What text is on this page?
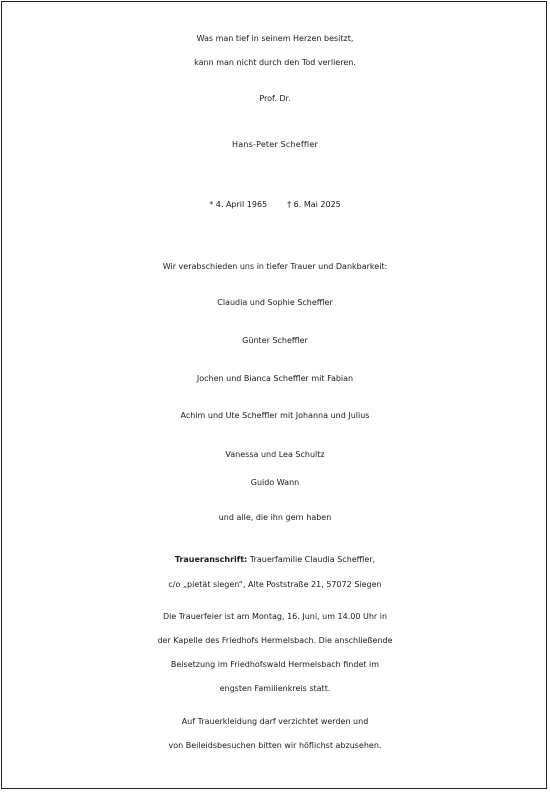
Was man tief in seinem Herzen besitzt,
kann man nicht durch den Tod verlieren.
Prof. Dr.
Hans-Peter Scheffler
* 4. April 1965	† 6. Mai 2025
Wir verabschieden uns in tiefer Trauer und Dankbarkeit:
Claudia und Sophie Scheffler
Günter Scheffler
Jochen und Bianca Scheffler mit Fabian
Achim und Ute Scheffler mit Johanna und Julius
Vanessa und Lea Schultz
Guido Wann
und alle, die ihn gern haben
Traueranschrift: Trauerfamilie Claudia Scheffler,
c/o „pietät siegen“, Alte Poststraße 21, 57072 Siegen
Die Trauerfeier ist am Montag, 16. Juni, um 14.00 Uhr in
der Kapelle des Friedhofs Hermelsbach. Die anschließende
Beisetzung im Friedhofswald Hermelsbach findet im
engsten Familienkreis statt.
Auf Trauerkleidung darf verzichtet werden und
von Beileidsbesuchen bitten wir höflichst abzusehen.
